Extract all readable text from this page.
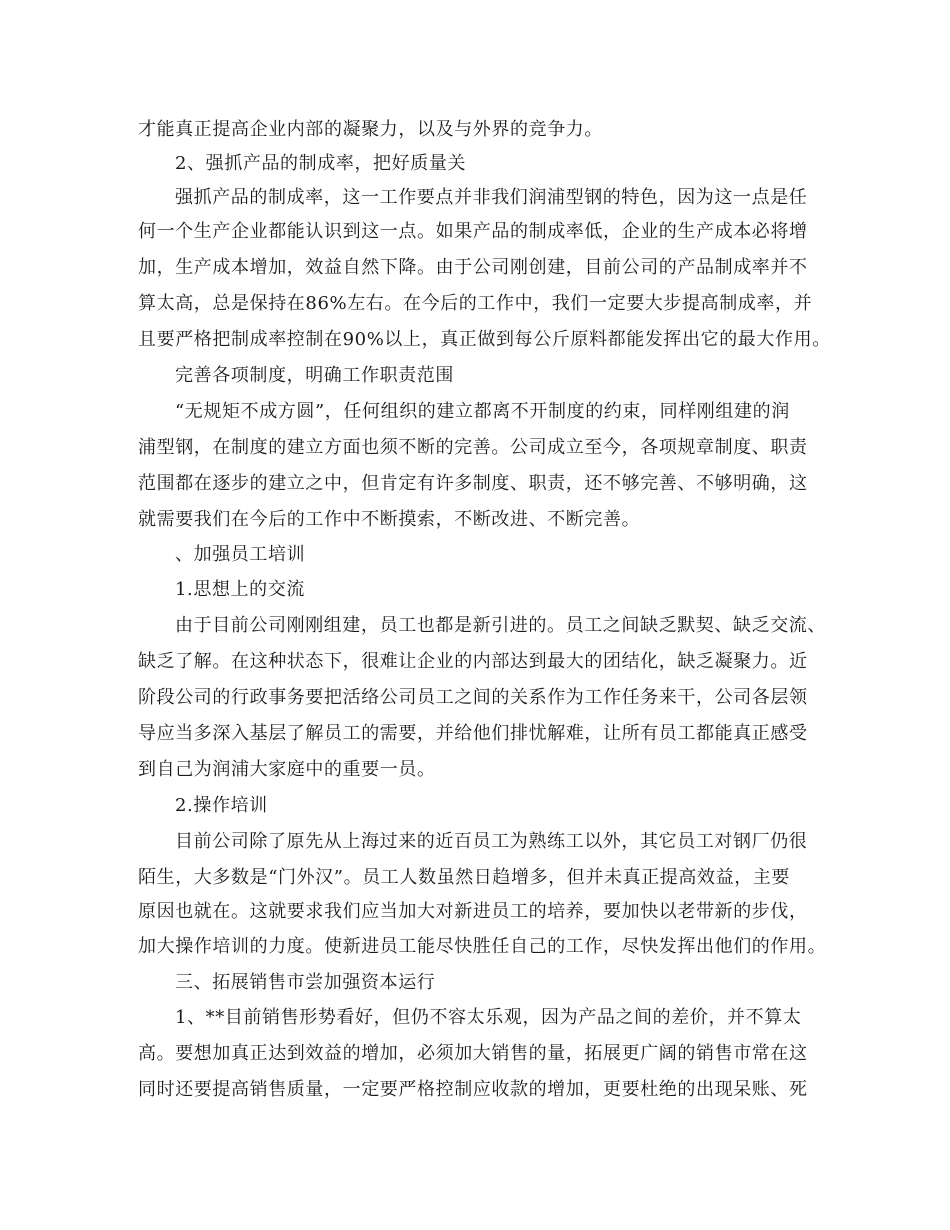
才能真正提高企业内部的凝聚力，以及与外界的竞争力。
2、强抓产品的制成率，把好质量关
强抓产品的制成率，这一工作要点并非我们润浦型钢的特色，因为这一点是任
何一个生产企业都能认识到这一点。如果产品的制成率低，企业的生产成本必将增
加，生产成本增加，效益自然下降。由于公司刚创建，目前公司的产品制成率并不
算太高，总是保持在86%左右。在今后的工作中，我们一定要大步提高制成率，并
且要严格把制成率控制在90%以上，真正做到每公斤原料都能发挥出它的最大作用。
完善各项制度，明确工作职责范围
“无规矩不成方圆”，任何组织的建立都离不开制度的约束，同样刚组建的润
浦型钢，在制度的建立方面也须不断的完善。公司成立至今，各项规章制度、职责
范围都在逐步的建立之中，但肯定有许多制度、职责，还不够完善、不够明确，这
就需要我们在今后的工作中不断摸索，不断改进、不断完善。
、加强员工培训
1.思想上的交流
由于目前公司刚刚组建，员工也都是新引进的。员工之间缺乏默契、缺乏交流、
缺乏了解。在这种状态下，很难让企业的内部达到最大的团结化，缺乏凝聚力。近
阶段公司的行政事务要把活络公司员工之间的关系作为工作任务来干，公司各层领
导应当多深入基层了解员工的需要，并给他们排忧解难，让所有员工都能真正感受
到自己为润浦大家庭中的重要一员。
2.操作培训
目前公司除了原先从上海过来的近百员工为熟练工以外，其它员工对钢厂仍很
陌生，大多数是“门外汉”。员工人数虽然日趋增多，但并未真正提高效益，主要
原因也就在。这就要求我们应当加大对新进员工的培养，要加快以老带新的步伐，
加大操作培训的力度。使新进员工能尽快胜任自己的工作，尽快发挥出他们的作用。
三、拓展销售市尝加强资本运行
1、**目前销售形势看好，但仍不容太乐观，因为产品之间的差价，并不算太
高。要想加真正达到效益的增加，必须加大销售的量，拓展更广阔的销售市常在这
同时还要提高销售质量，一定要严格控制应收款的增加，更要杜绝的出现呆账、死
